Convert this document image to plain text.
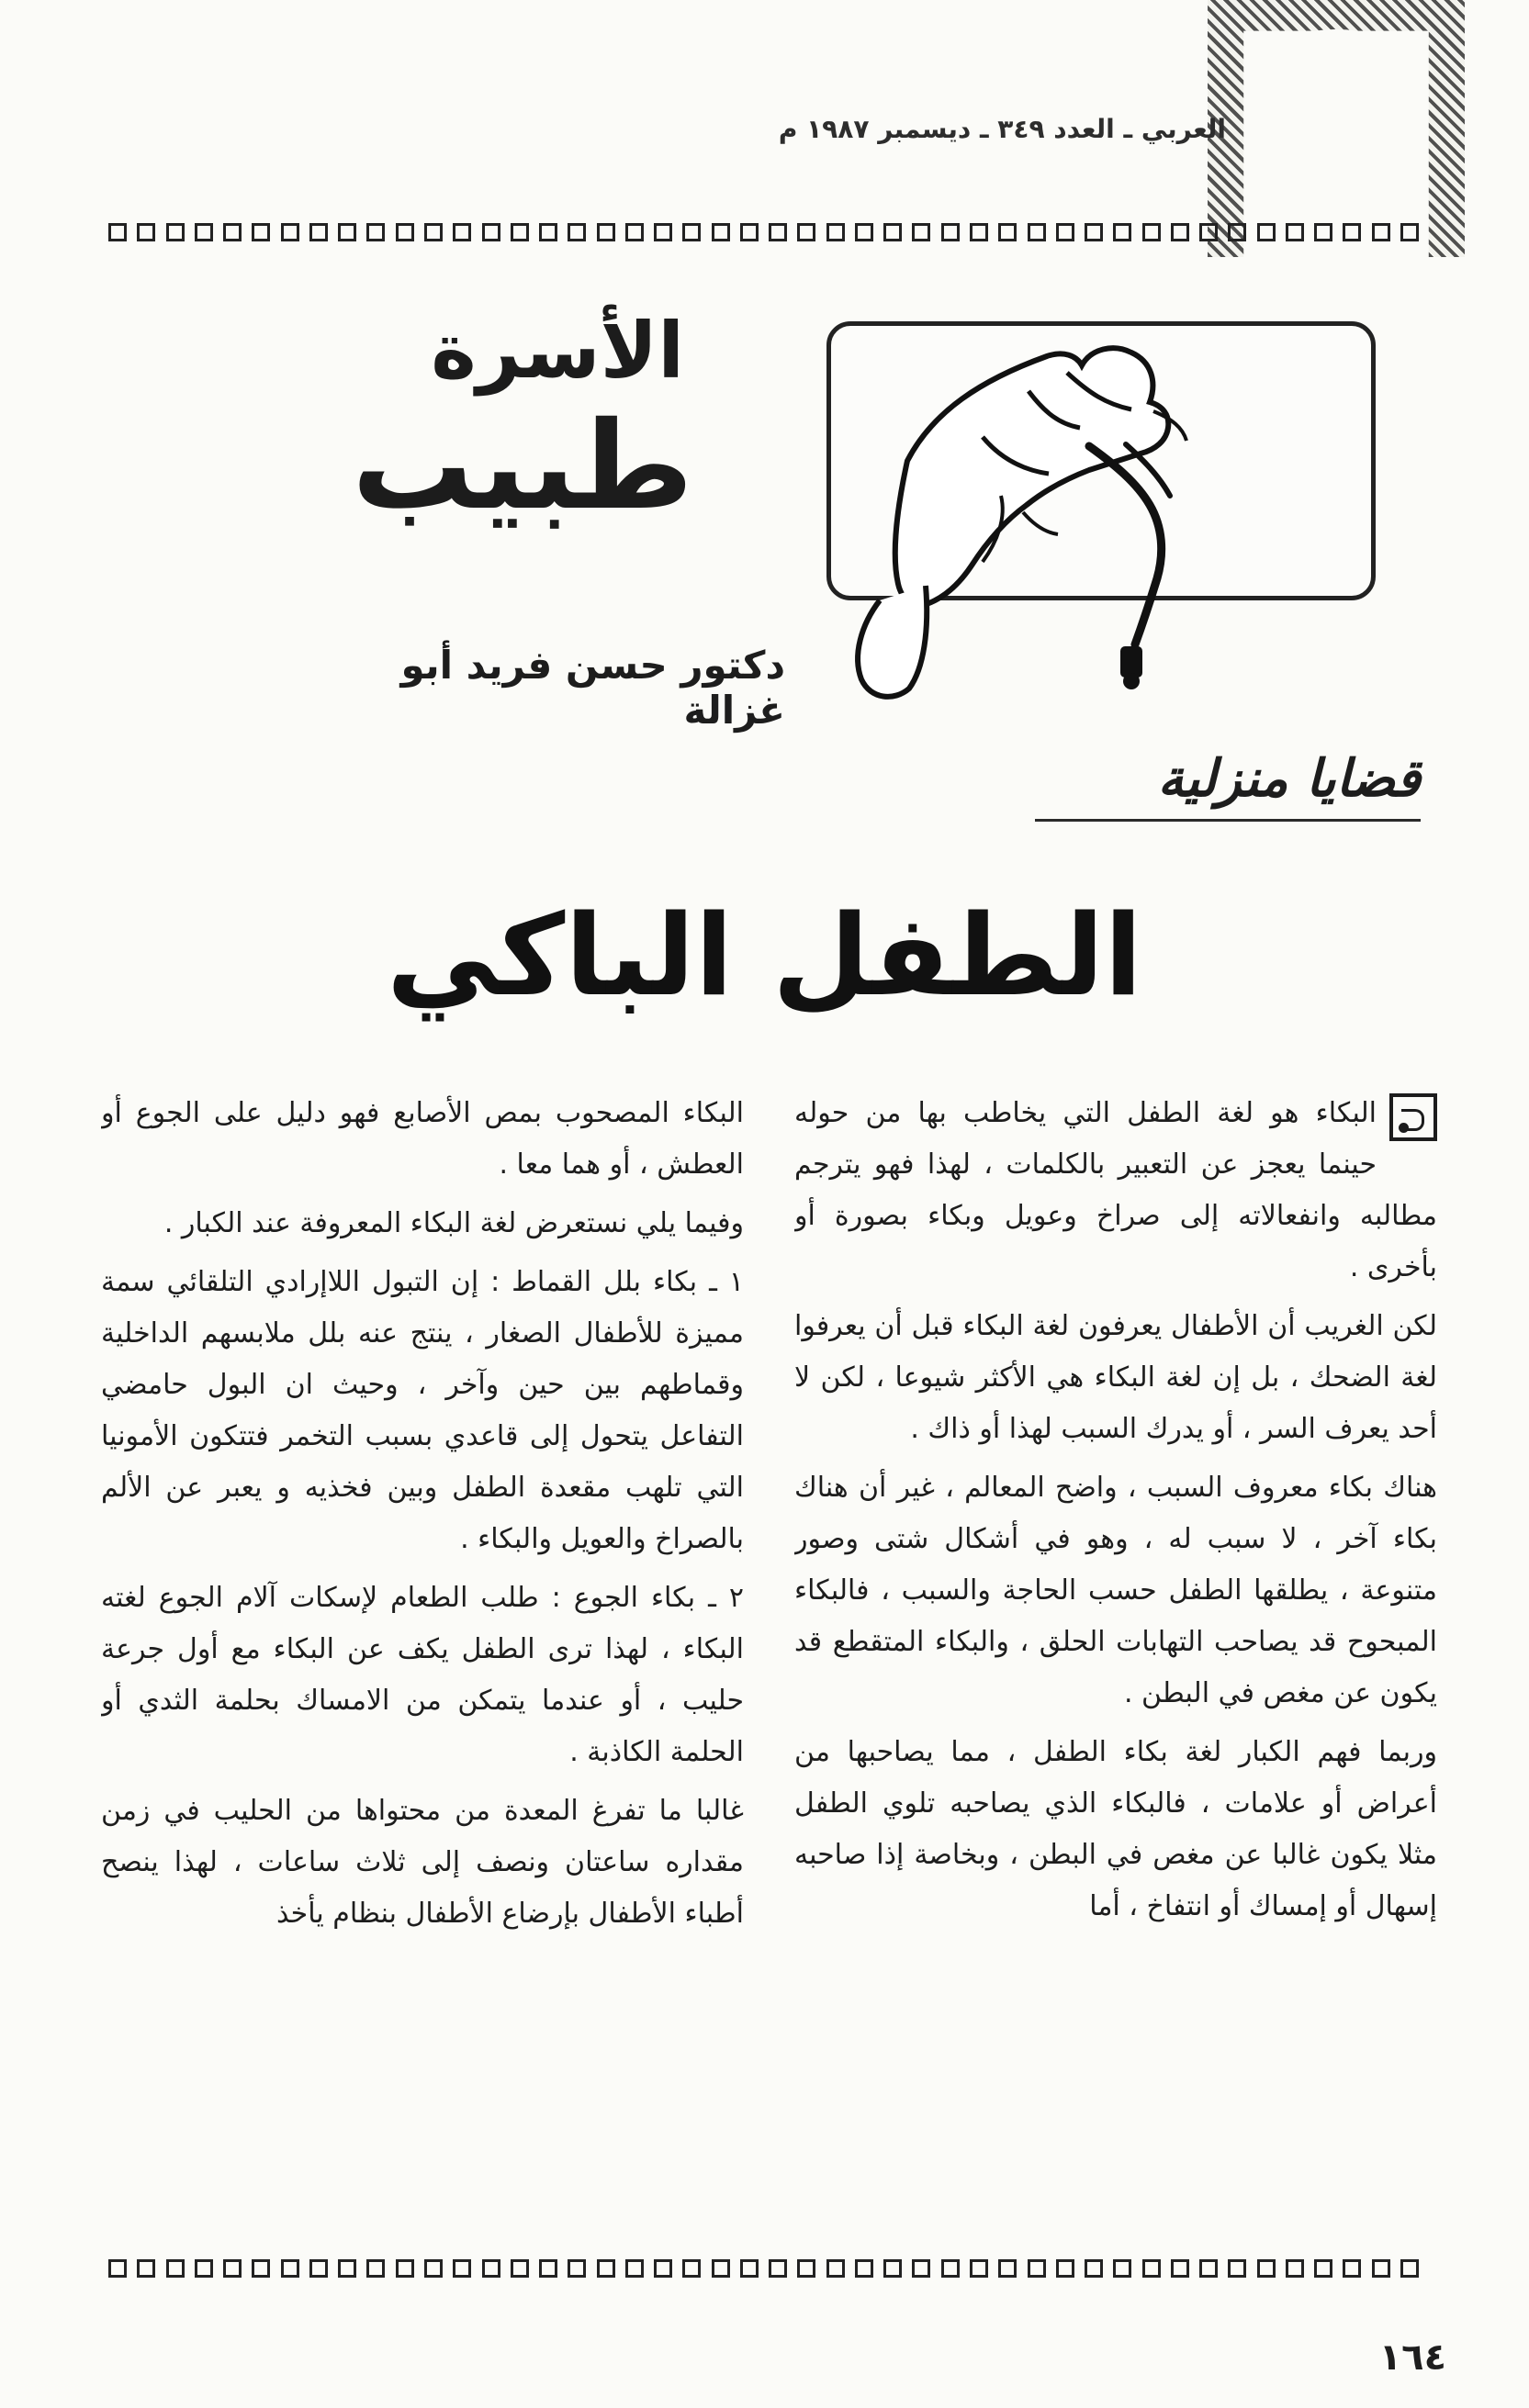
العربي ـ العدد ٣٤٩ ـ ديسمبر ١٩٨٧ م
الأسرة
طبيب
دكتور حسن فريد أبو غزالة
قضايا منزلية
الطفل الباكي

البكاء هو لغة الطفل التي يخاطب بها من حوله حينما يعجز عن التعبير بالكلمات ، لهذا فهو يترجم مطالبه وانفعالاته إلى صراخ وعويل وبكاء بصورة أو بأخرى .

لكن الغريب أن الأطفال يعرفون لغة البكاء قبل أن يعرفوا لغة الضحك ، بل إن لغة البكاء هي الأكثر شيوعا ، لكن لا أحد يعرف السر ، أو يدرك السبب لهذا أو ذاك .

هناك بكاء معروف السبب ، واضح المعالم ، غير أن هناك بكاء آخر ، لا سبب له ، وهو في أشكال شتى وصور متنوعة ، يطلقها الطفل حسب الحاجة والسبب ، فالبكاء المبحوح قد يصاحب التهابات الحلق ، والبكاء المتقطع قد يكون عن مغص في البطن .

وربما فهم الكبار لغة بكاء الطفل ، مما يصاحبها من أعراض أو علامات ، فالبكاء الذي يصاحبه تلوي الطفل مثلا يكون غالبا عن مغص في البطن ، وبخاصة إذا صاحبه إسهال أو إمساك أو انتفاخ ، أما

البكاء المصحوب بمص الأصابع فهو دليل على الجوع أو العطش ، أو هما معا .

وفيما يلي نستعرض لغة البكاء المعروفة عند الكبار .

١ ـ بكاء بلل القماط : إن التبول اللاإرادي التلقائي سمة مميزة للأطفال الصغار ، ينتج عنه بلل ملابسهم الداخلية وقماطهم بين حين وآخر ، وحيث ان البول حامضي التفاعل يتحول إلى قاعدي بسبب التخمر فتتكون الأمونيا التي تلهب مقعدة الطفل وبين فخذيه و يعبر عن الألم بالصراخ والعويل والبكاء .

٢ ـ بكاء الجوع : طلب الطعام لإسكات آلام الجوع لغته البكاء ، لهذا ترى الطفل يكف عن البكاء مع أول جرعة حليب ، أو عندما يتمكن من الامساك بحلمة الثدي أو الحلمة الكاذبة .

غالبا ما تفرغ المعدة من محتواها من الحليب في زمن مقداره ساعتان ونصف إلى ثلاث ساعات ، لهذا ينصح أطباء الأطفال بإرضاع الأطفال بنظام يأخذ

١٦٤
